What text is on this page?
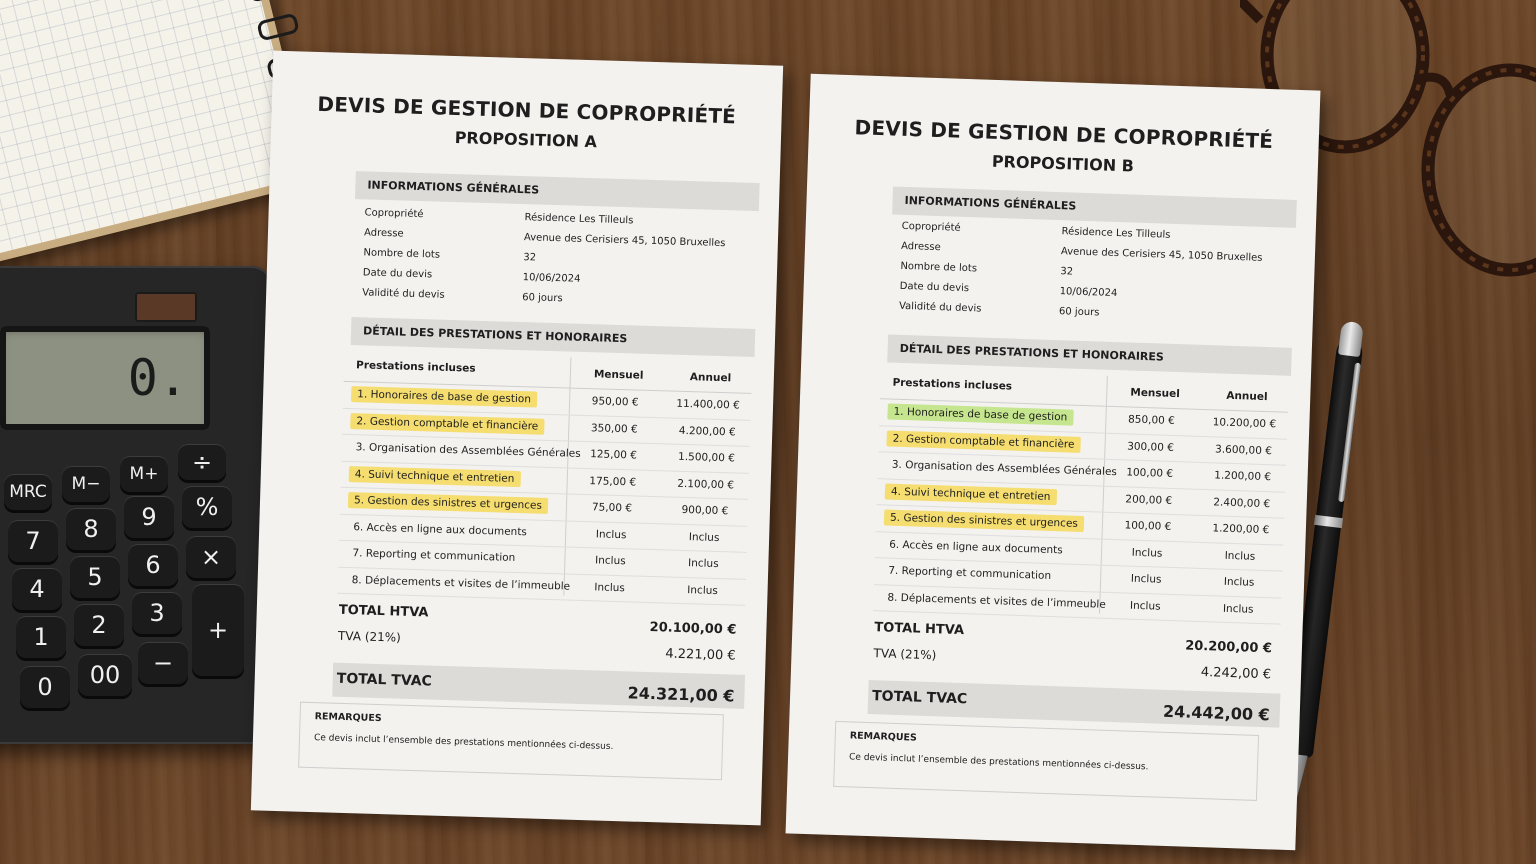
0.
MRC	M−	M+	÷
%
7	8	9
×
4	5	6
1	2	3
+
0	00	−
DEVIS DE GESTION DE COPROPRIÉTÉ
PROPOSITION A
INFORMATIONS GÉNÉRALES
Copropriété	Résidence Les Tilleuls
Adresse	Avenue des Cerisiers 45, 1050 Bruxelles
Nombre de lots	32
Date du devis	10/06/2024
Validité du devis	60 jours
DÉTAIL DES PRESTATIONS ET HONORAIRES
Prestations incluses
Mensuel	Annuel
1. Honoraires de base de gestion	950,00 €	11.400,00 €
2. Gestion comptable et financière	350,00 €	4.200,00 €
3. Organisation des Assemblées Générales 125,00 €	1.500,00 €
4. Suivi technique et entretien	175,00 €	2.100,00 €
5. Gestion des sinistres et urgences	75,00 €	900,00 €
6. Accès en ligne aux documents	Inclus	Inclus
7. Reporting et communication	Inclus	Inclus
8. Déplacements et visites de l’immeuble	Inclus	Inclus
TOTAL HTVA
20.100,00 €
TVA (21%)
4.221,00 €
TOTAL TVAC
24.321,00 €
REMARQUES
Ce devis inclut l’ensemble des prestations mentionnées ci-dessus.
DEVIS DE GESTION DE COPROPRIÉTÉ
PROPOSITION B
INFORMATIONS GÉNÉRALES
Copropriété	Résidence Les Tilleuls
Adresse	Avenue des Cerisiers 45, 1050 Bruxelles
Nombre de lots	32
Date du devis	10/06/2024
Validité du devis	60 jours
DÉTAIL DES PRESTATIONS ET HONORAIRES
Prestations incluses
Mensuel	Annuel
1. Honoraires de base de gestion	850,00 €	10.200,00 €
2. Gestion comptable et financière	300,00 €	3.600,00 €
3. Organisation des Assemblées Générales 100,00 €	1.200,00 €
4. Suivi technique et entretien	200,00 €	2.400,00 €
5. Gestion des sinistres et urgences	100,00 €	1.200,00 €
6. Accès en ligne aux documents	Inclus	Inclus
7. Reporting et communication	Inclus	Inclus
8. Déplacements et visites de l’immeuble	Inclus	Inclus
TOTAL HTVA
20.200,00 €
TVA (21%)
4.242,00 €
TOTAL TVAC
24.442,00 €
REMARQUES
Ce devis inclut l’ensemble des prestations mentionnées ci-dessus.
